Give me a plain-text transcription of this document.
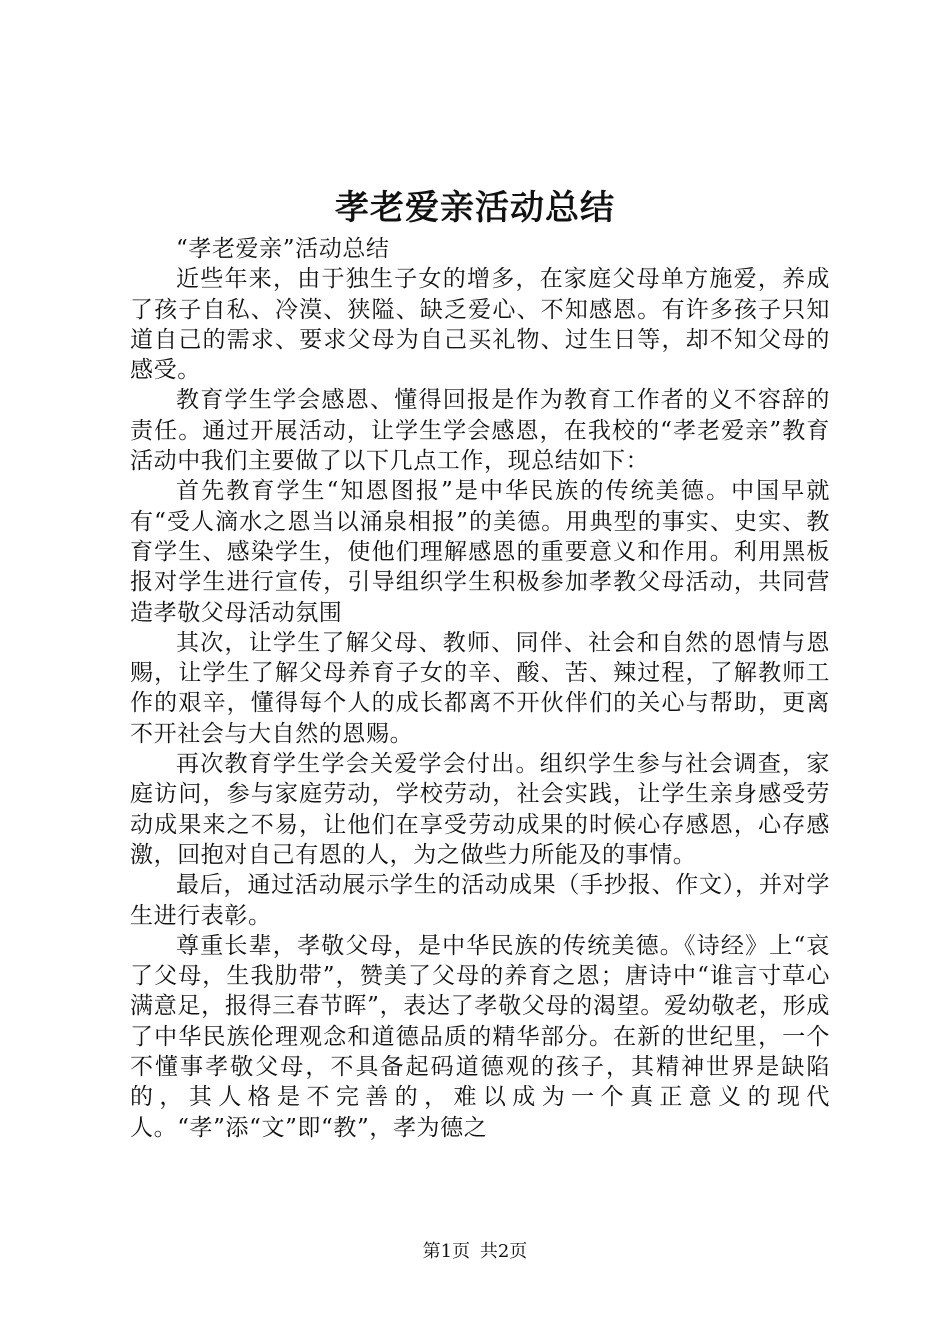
孝老爱亲活动总结

“孝老爱亲”活动总结

近些年来，由于独生子女的增多，在家庭父母单方施爱，养成了孩子自私、冷漠、狭隘、缺乏爱心、不知感恩。有许多孩子只知道自己的需求、要求父母为自己买礼物、过生日等，却不知父母的感受。

教育学生学会感恩、懂得回报是作为教育工作者的义不容辞的责任。通过开展活动，让学生学会感恩，在我校的“孝老爱亲”教育活动中我们主要做了以下几点工作，现总结如下：

首先教育学生“知恩图报”是中华民族的传统美德。中国早就有“受人滴水之恩当以涌泉相报”的美德。用典型的事实、史实、教育学生、感染学生，使他们理解感恩的重要意义和作用。利用黑板报对学生进行宣传，引导组织学生积极参加孝教父母活动，共同营造孝敬父母活动氛围

其次，让学生了解父母、教师、同伴、社会和自然的恩情与恩赐，让学生了解父母养育子女的辛、酸、苦、辣过程，了解教师工作的艰辛，懂得每个人的成长都离不开伙伴们的关心与帮助，更离不开社会与大自然的恩赐。

再次教育学生学会关爱学会付出。组织学生参与社会调查，家庭访问，参与家庭劳动，学校劳动，社会实践，让学生亲身感受劳动成果来之不易，让他们在享受劳动成果的时候心存感恩，心存感激，回抱对自己有恩的人，为之做些力所能及的事情。

最后，通过活动展示学生的活动成果（手抄报、作文），并对学生进行表彰。

尊重长辈，孝敬父母，是中华民族的传统美德。《诗经》上“哀了父母，生我肋带”，赞美了父母的养育之恩；唐诗中“谁言寸草心满意足，报得三春节晖”，表达了孝敬父母的渴望。爱幼敬老，形成了中华民族伦理观念和道德品质的精华部分。在新的世纪里，一个不懂事孝敬父母，不具备起码道德观的孩子，其精神世界是缺陷的，其人格是不完善的，难以成为一个真正意义的现代人。“孝”添“文”即“教”，孝为德之

第1页 共2页
